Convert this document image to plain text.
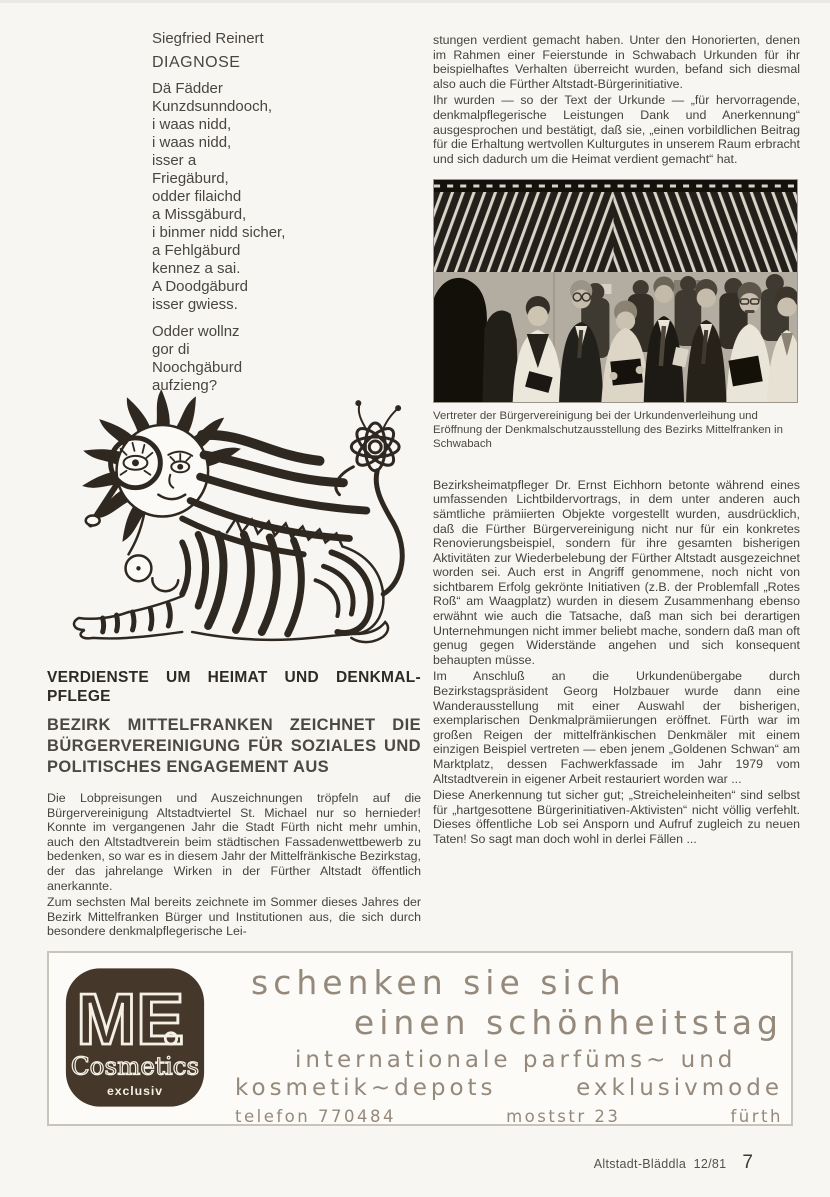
Siegfried Reinert
DIAGNOSE
Dä Fädder
Kunzdsunndooch,
i waas nidd,
i waas nidd,
isser a
Friegäburd,
odder filaichd
a Missgäburd,
i binmer nidd sicher,
a Fehlgäburd
kennez a sai.
A Doodgäburd
isser gwiess.
Odder wollnz
gor di
Noochgäburd
aufzieng?

stungen verdient gemacht haben. Unter den Honorierten, denen im Rahmen einer Feierstunde in Schwabach Urkunden für ihr beispielhaftes Verhalten überreicht wurden, befand sich diesmal also auch die Fürther Altstadt-Bürgerinitiative.

Ihr wurden — so der Text der Urkunde — „für hervorragende, denkmalpflegerische Leistungen Dank und Anerkennung“ ausgesprochen und bestätigt, daß sie, „einen vorbildlichen Beitrag für die Erhaltung wertvollen Kulturgutes in unserem Raum erbracht und sich dadurch um die Heimat verdient gemacht“ hat.

Vertreter der Bürgervereinigung bei der Urkundenverleihung und Eröffnung der Denkmalschutzausstellung des Bezirks Mittelfranken in Schwabach

Bezirksheimatpfleger Dr. Ernst Eichhorn betonte während eines umfassenden Lichtbildervortrags, in dem unter anderen auch sämtliche prämiierten Objekte vorgestellt wurden, ausdrücklich, daß die Fürther Bürgervereinigung nicht nur für ein konkretes Renovierungsbeispiel, sondern für ihre gesamten bisherigen Aktivitäten zur Wiederbelebung der Fürther Altstadt ausgezeichnet worden sei. Auch erst in Angriff genommene, noch nicht von sichtbarem Erfolg gekrönte Initiativen (z.B. der Problemfall „Rotes Roß“ am Waagplatz) wurden in diesem Zusammenhang ebenso erwähnt wie auch die Tatsache, daß man sich bei derartigen Unternehmungen nicht immer beliebt mache, sondern daß man oft genug gegen Widerstände angehen und sich konsequent behaupten müsse.

Im Anschluß an die Urkundenübergabe durch Bezirkstagspräsident Georg Holzbauer wurde dann eine Wanderausstellung mit einer Auswahl der bisherigen, exemplarischen Denkmalprämiierungen eröffnet. Fürth war im großen Reigen der mittelfränkischen Denkmäler mit einem einzigen Beispiel vertreten — eben jenem „Goldenen Schwan“ am Marktplatz, dessen Fachwerkfassade im Jahr 1979 vom Altstadtverein in eigener Arbeit restauriert worden war ...

Diese Anerkennung tut sicher gut; „Streicheleinheiten“ sind selbst für „hartgesottene Bürgerinitiativen-Aktivisten“ nicht völlig verfehlt. Dieses öffentliche Lob sei Ansporn und Aufruf zugleich zu neuen Taten! So sagt man doch wohl in derlei Fällen ...

VERDIENSTE UM HEIMAT UND DENKMAL-PFLEGE
BEZIRK MITTELFRANKEN ZEICHNET DIE BÜRGERVEREINIGUNG FÜR SOZIALES UND POLITISCHES ENGAGEMENT AUS

Die Lobpreisungen und Auszeichnungen tröpfeln auf die Bürgervereinigung Altstadtviertel St. Michael nur so hernieder! Konnte im vergangenen Jahr die Stadt Fürth nicht mehr umhin, auch den Altstadtverein beim städtischen Fassadenwettbewerb zu bedenken, so war es in diesem Jahr der Mittelfränkische Bezirkstag, der das jahrelange Wirken in der Fürther Altstadt öffentlich anerkannte.

Zum sechsten Mal bereits zeichnete im Sommer dieses Jahres der Bezirk Mittelfranken Bürger und Institutionen aus, die sich durch besondere denkmalpflegerische Lei-

ME
Cosmetics
exclusiv
schenken sie sich
einen schönheitstag
internationale parfüms~ und
kosmetik~depots	exklusivmode
telefon 770484	moststr 23	fürth
Altstadt-Bläddla 12/81 7
